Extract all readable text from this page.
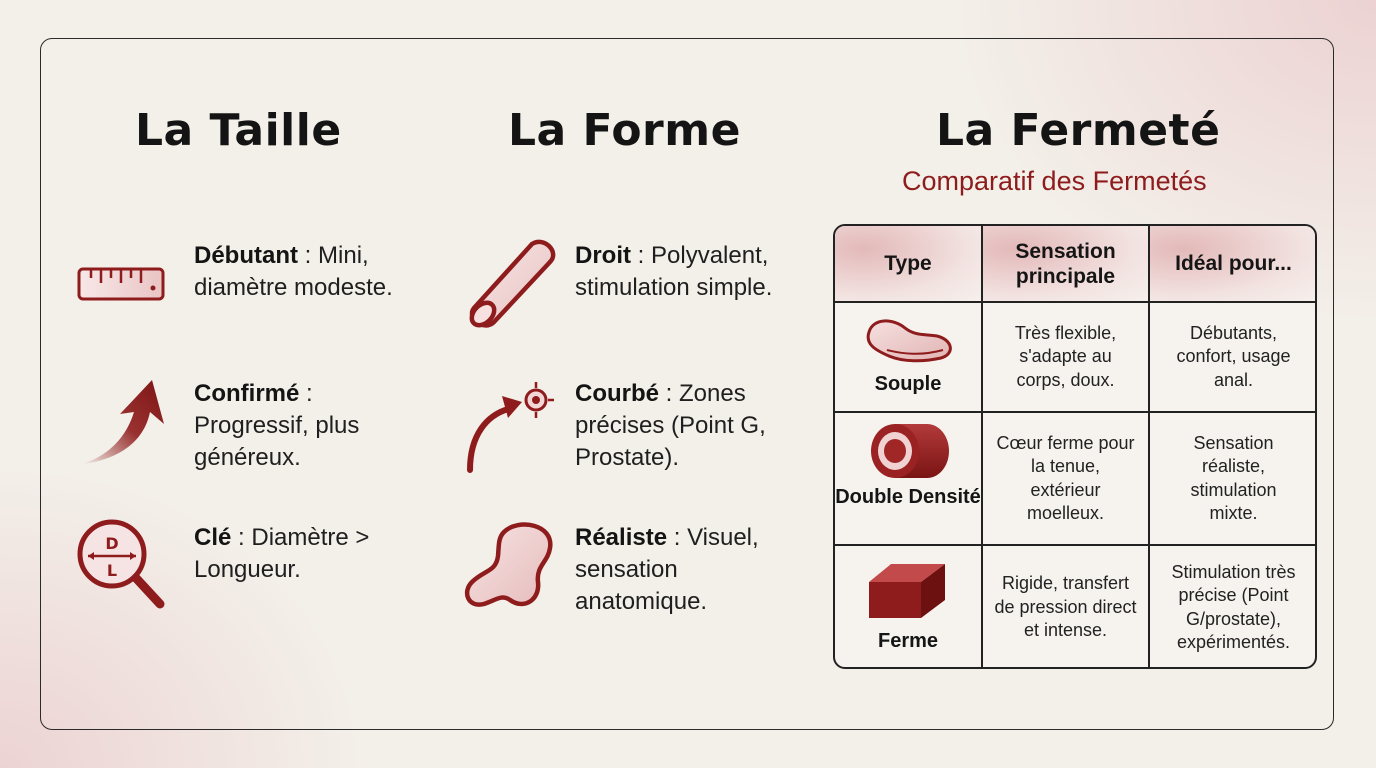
La Taille
Débutant : Mini, diamètre modeste.
Confirmé : Progressif, plus généreux.
D
L
Clé : Diamètre > Longueur.
La Forme
Droit : Polyvalent, stimulation simple.
Courbé : Zones précises (Point G, Prostate).
Réaliste : Visuel, sensation anatomique.
La Fermeté
Comparatif des Fermetés
Type
Sensation principale
Idéal pour...
Souple
Très flexible, s'adapte au corps, doux.
Débutants, confort, usage anal.
Double Densité
Cœur ferme pour la tenue, extérieur moelleux.
Sensation réaliste, stimulation mixte.
Ferme
Rigide, transfert de pression direct et intense.
Stimulation très précise (Point G/prostate), expérimentés.
